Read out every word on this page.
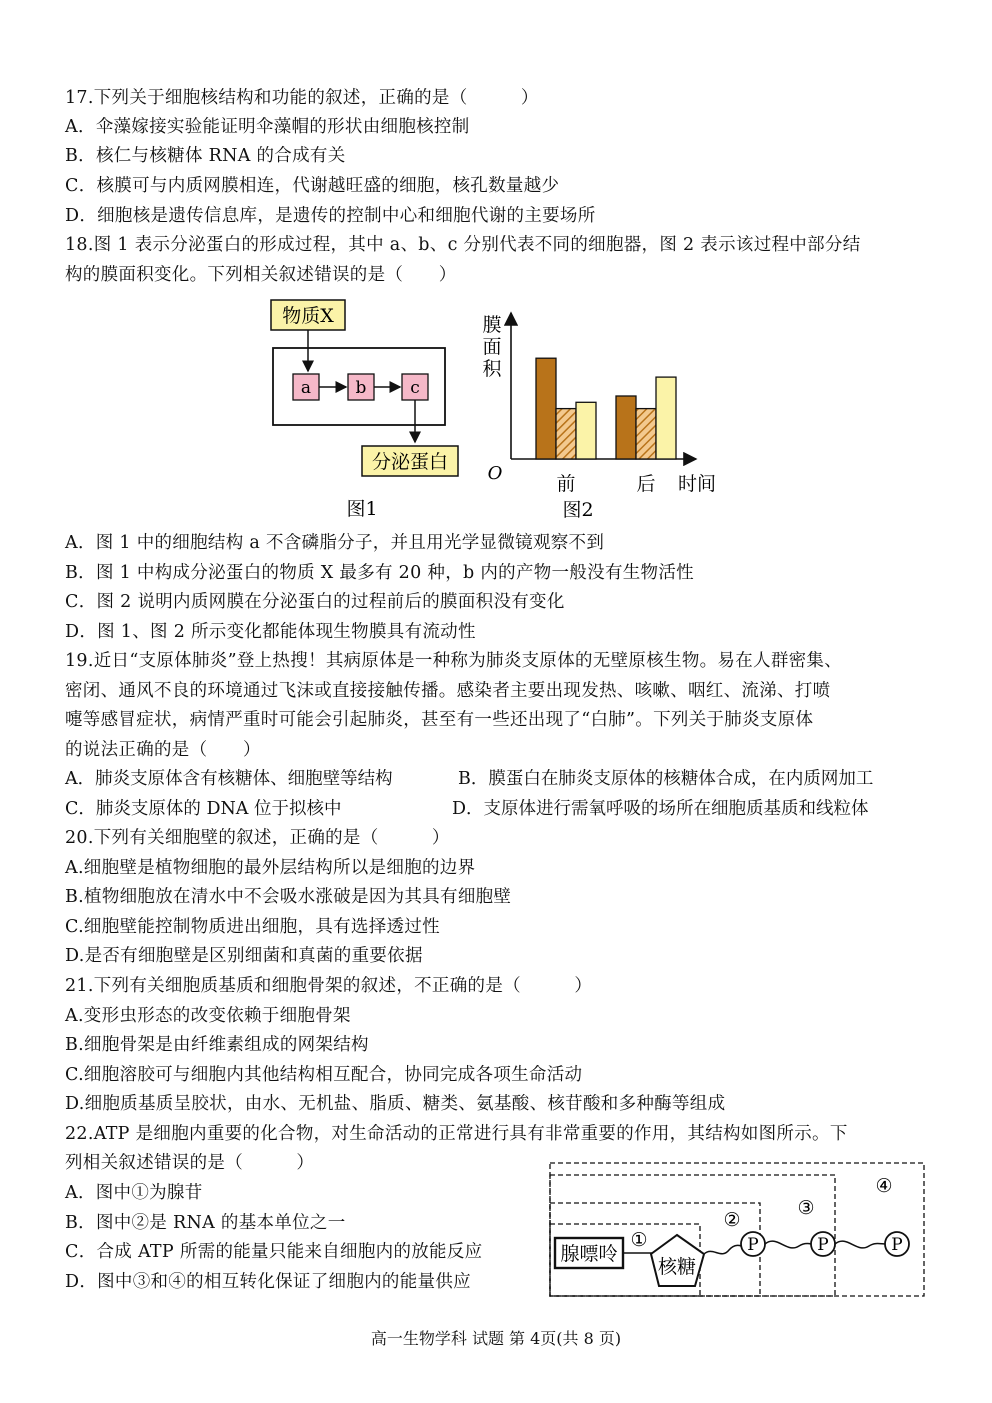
17.下列关于细胞核结构和功能的叙述，正确的是（　　　）
A．伞藻嫁接实验能证明伞藻帽的形状由细胞核控制
B．核仁与核糖体 RNA 的合成有关
C．核膜可与内质网膜相连，代谢越旺盛的细胞，核孔数量越少
D．细胞核是遗传信息库，是遗传的控制中心和细胞代谢的主要场所
18.图 1 表示分泌蛋白的形成过程，其中 a、b、c 分别代表不同的细胞器，图 2 表示该过程中部分结
构的膜面积变化。下列相关叙述错误的是（　　）
物质X
a	b	c
分泌蛋白
图1
膜
面
积
O	前	后 时间
图2
A．图 1 中的细胞结构 a 不含磷脂分子，并且用光学显微镜观察不到
B．图 1 中构成分泌蛋白的物质 X 最多有 20 种，b 内的产物一般没有生物活性
C．图 2 说明内质网膜在分泌蛋白的过程前后的膜面积没有变化
D．图 1、图 2 所示变化都能体现生物膜具有流动性
19.近日“支原体肺炎”登上热搜！其病原体是一种称为肺炎支原体的无壁原核生物。易在人群密集、
密闭、通风不良的环境通过飞沫或直接接触传播。感染者主要出现发热、咳嗽、咽红、流涕、打喷
嚏等感冒症状，病情严重时可能会引起肺炎，甚至有一些还出现了“白肺”。下列关于肺炎支原体
的说法正确的是（　　）
A．肺炎支原体含有核糖体、细胞壁等结构	B．膜蛋白在肺炎支原体的核糖体合成，在内质网加工
C．肺炎支原体的 DNA 位于拟核中	D．支原体进行需氧呼吸的场所在细胞质基质和线粒体
20.下列有关细胞壁的叙述，正确的是（　　　）
A.细胞壁是植物细胞的最外层结构所以是细胞的边界
B.植物细胞放在清水中不会吸水涨破是因为其具有细胞壁
C.细胞壁能控制物质进出细胞，具有选择透过性
D.是否有细胞壁是区别细菌和真菌的重要依据
21.下列有关细胞质基质和细胞骨架的叙述，不正确的是（　　　）
A.变形虫形态的改变依赖于细胞骨架
B.细胞骨架是由纤维素组成的网架结构
C.细胞溶胶可与细胞内其他结构相互配合，协同完成各项生命活动
D.细胞质基质呈胶状，由水、无机盐、脂质、糖类、氨基酸、核苷酸和多种酶等组成
22.ATP 是细胞内重要的化合物，对生命活动的正常进行具有非常重要的作用，其结构如图所示。下
列相关叙述错误的是（　　　）
A．图中①为腺苷
B．图中②是 RNA 的基本单位之一
C．合成 ATP 所需的能量只能来自细胞内的放能反应
D．图中③和④的相互转化保证了细胞内的能量供应
腺嘌呤
核糖
P	P	P
①
②
③
④
高一生物学科 试题 第 4页(共 8 页)
